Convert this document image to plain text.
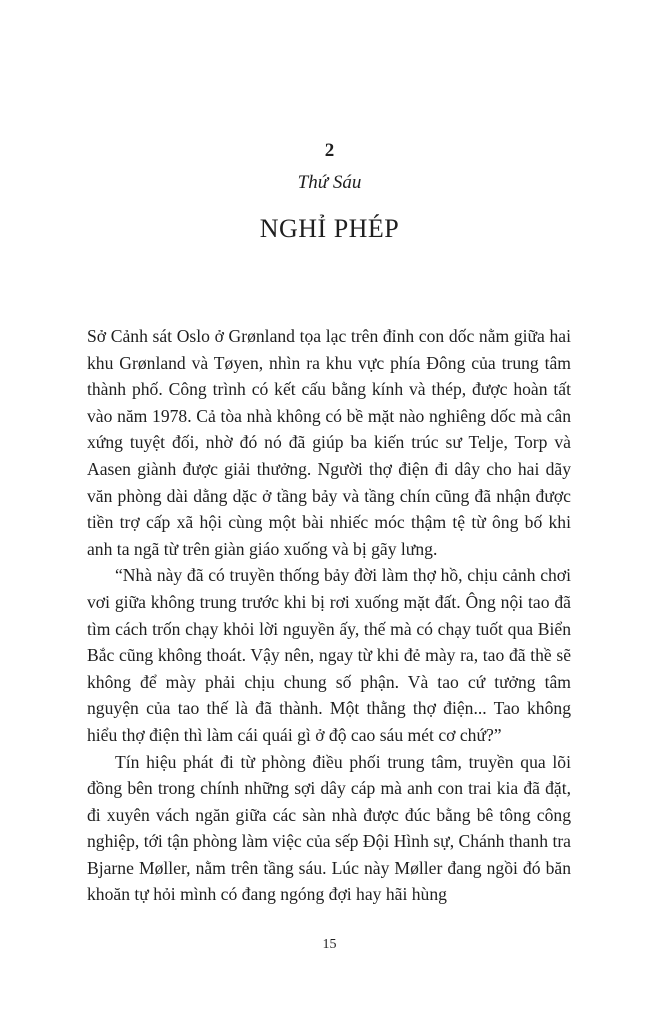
2
Thứ Sáu
NGHỈ PHÉP

Sở Cảnh sát Oslo ở Grønland tọa lạc trên đỉnh con dốc nằm giữa hai khu Grønland và Tøyen, nhìn ra khu vực phía Đông của trung tâm thành phố. Công trình có kết cấu bằng kính và thép, được hoàn tất vào năm 1978. Cả tòa nhà không có bề mặt nào nghiêng dốc mà cân xứng tuyệt đối, nhờ đó nó đã giúp ba kiến trúc sư Telje, Torp và Aasen giành được giải thưởng. Người thợ điện đi dây cho hai dãy văn phòng dài dằng dặc ở tầng bảy và tầng chín cũng đã nhận được tiền trợ cấp xã hội cùng một bài nhiếc móc thậm tệ từ ông bố khi anh ta ngã từ trên giàn giáo xuống và bị gãy lưng.

“Nhà này đã có truyền thống bảy đời làm thợ hồ, chịu cảnh chơi vơi giữa không trung trước khi bị rơi xuống mặt đất. Ông nội tao đã tìm cách trốn chạy khỏi lời nguyền ấy, thế mà có chạy tuốt qua Biển Bắc cũng không thoát. Vậy nên, ngay từ khi đẻ mày ra, tao đã thề sẽ không để mày phải chịu chung số phận. Và tao cứ tưởng tâm nguyện của tao thế là đã thành. Một thằng thợ điện... Tao không hiểu thợ điện thì làm cái quái gì ở độ cao sáu mét cơ chứ?”

Tín hiệu phát đi từ phòng điều phối trung tâm, truyền qua lõi đồng bên trong chính những sợi dây cáp mà anh con trai kia đã đặt, đi xuyên vách ngăn giữa các sàn nhà được đúc bằng bê tông công nghiệp, tới tận phòng làm việc của sếp Đội Hình sự, Chánh thanh tra Bjarne Møller, nằm trên tầng sáu. Lúc này Møller đang ngồi đó băn khoăn tự hỏi mình có đang ngóng đợi hay hãi hùng

15
